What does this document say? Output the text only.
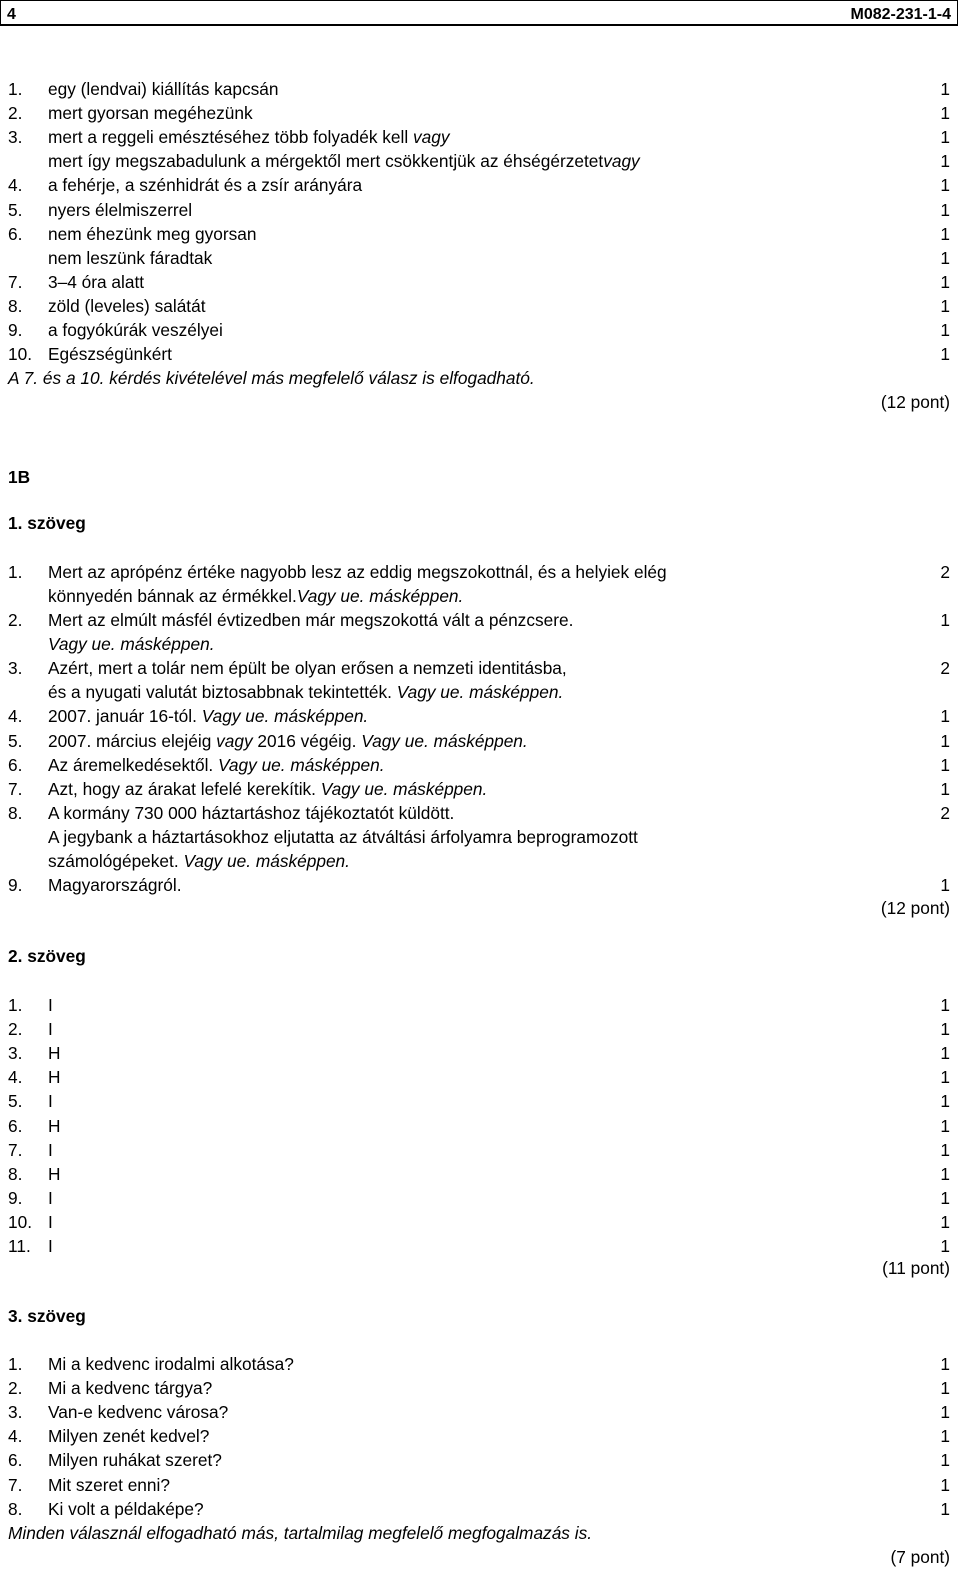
4	M082-231-1-4
1. egy (lendvai) kiállítás kapcsán	1
2. mert gyorsan megéhezünk	1
3. mert a reggeli emésztéséhez több folyadék kell vagy	1
mert így megszabadulunk a mérgektől mert csökkentjük az éhségérzetetvagy	1
4. a fehérje, a szénhidrát és a zsír arányára	1
5. nyers élelmiszerrel	1
6. nem éhezünk meg gyorsan	1
nem leszünk fáradtak	1
7. 3–4 óra alatt	1
8. zöld (leveles) salátát	1
9. a fogyókúrák veszélyei	1
10. Egészségünkért	1
A 7. és a 10. kérdés kivételével más megfelelő válasz is elfogadható.
(12 pont)
1B
1. szöveg
1. Mert az aprópénz értéke nagyobb lesz az eddig megszokottnál, és a helyiek elég	2
könnyedén bánnak az érmékkel.Vagy ue. másképpen.
2. Mert az elmúlt másfél évtizedben már megszokottá vált a pénzcsere.	1
Vagy ue. másképpen.
3. Azért, mert a tolár nem épült be olyan erősen a nemzeti identitásba,	2
és a nyugati valutát biztosabbnak tekintették. Vagy ue. másképpen.
4. 2007. január 16-tól. Vagy ue. másképpen.	1
5. 2007. március elejéig vagy 2016 végéig. Vagy ue. másképpen.	1
6. Az áremelkedésektől. Vagy ue. másképpen.	1
7. Azt, hogy az árakat lefelé kerekítik. Vagy ue. másképpen.	1
8. A kormány 730 000 háztartáshoz tájékoztatót küldött.	2
A jegybank a háztartásokhoz eljutatta az átváltási árfolyamra beprogramozott
számológépeket. Vagy ue. másképpen.
9. Magyarországról.	1
(12 pont)
2. szöveg
1. I	1
2. I	1
3. H	1
4. H	1
5. I	1
6. H	1
7. I	1
8. H	1
9. I	1
10. I	1
11. I	1
(11 pont)
3. szöveg
1. Mi a kedvenc irodalmi alkotása?	1
2. Mi a kedvenc tárgya?	1
3. Van-e kedvenc városa?	1
4. Milyen zenét kedvel?	1
6. Milyen ruhákat szeret?	1
7. Mit szeret enni?	1
8. Ki volt a példaképe?	1
Minden válasznál elfogadható más, tartalmilag megfelelő megfogalmazás is.
(7 pont)
